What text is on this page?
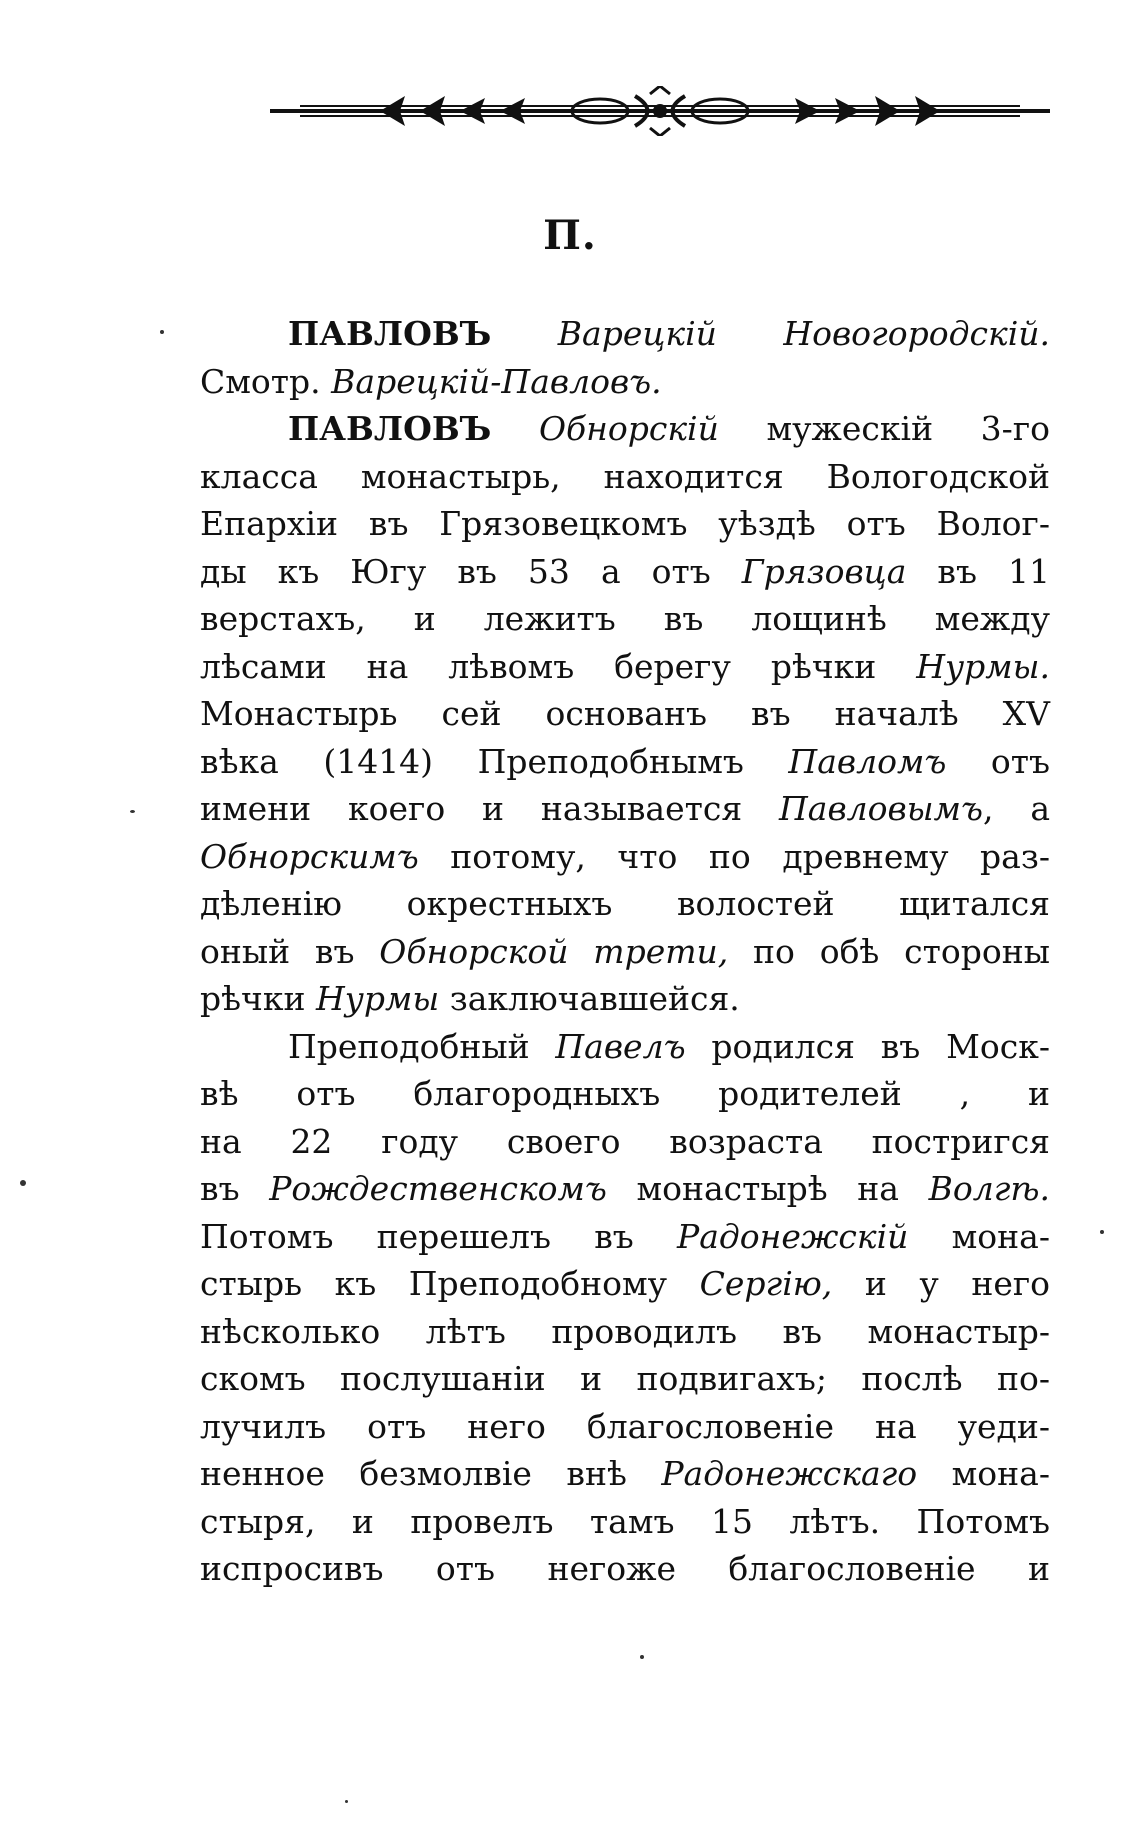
П.
ПАВЛОВЪ Варецкій Новогородскій.
Смотр. Варецкій-Павловъ.
ПАВЛОВЪ Обнорскій мужескій 3-го
класса монастырь, находится Вологодской
Епархіи въ Грязовецкомъ уѣздѣ отъ Волог-
ды къ Югу въ 53 а отъ Грязовца въ 11
верстахъ, и лежитъ въ лощинѣ между
лѣсами на лѣвомъ берегу рѣчки Нурмы.
Монастырь сей основанъ въ началѣ XV
вѣка (1414) Преподобнымъ Павломъ отъ
имени коего и называется Павловымъ, а
Обнорскимъ потому, что по древнему раз-
дѣленію окрестныхъ волостей щитался
оный въ Обнорской трети, по обѣ стороны
рѣчки Нурмы заключавшейся.
Преподобный Павелъ родился въ Моск-
вѣ отъ благородныхъ родителей , и
на 22 году своего возраста постригся
въ Рождественскомъ монастырѣ на Волгѣ.
Потомъ перешелъ въ Радонежскій мона-
стырь къ Преподобному Сергію, и у него
нѣсколько лѣтъ проводилъ въ монастыр-
скомъ послушаніи и подвигахъ; послѣ по-
лучилъ отъ него благословеніе на уеди-
ненное безмолвіе внѣ Радонежскаго мона-
стыря, и провелъ тамъ 15 лѣтъ. Потомъ
испросивъ отъ негоже благословеніе и
